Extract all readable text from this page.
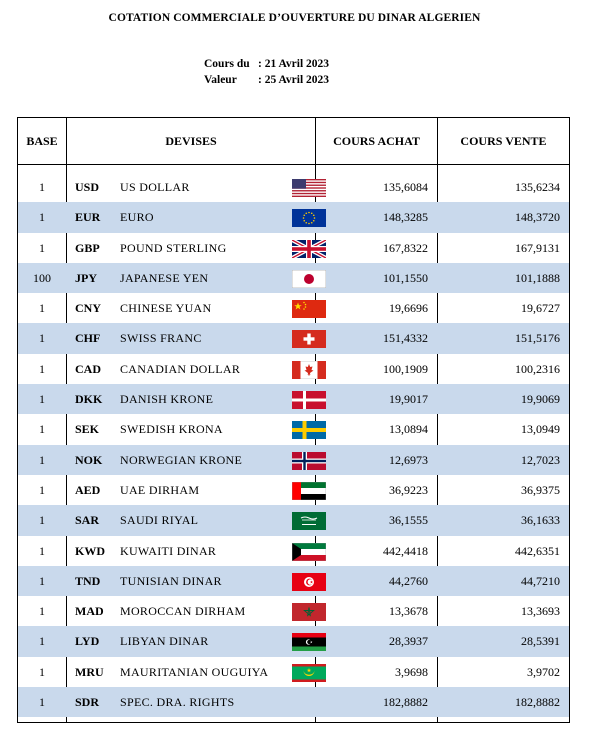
COTATION COMMERCIALE D’OUVERTURE DU DINAR ALGERIEN
Cours du : 21 Avril 2023
Valeur	: 25 Avril 2023
BASE	DEVISES	COURS ACHAT	COURS VENTE
1	USD US DOLLAR	135,6084	135,6234
1	EUR EURO	148,3285	148,3720
1	GBP POUND STERLING	167,8322	167,9131
100	JPY JAPANESE YEN	101,1550	101,1888
1	CNY CHINESE YUAN	19,6696	19,6727
1	CHF SWISS FRANC	151,4332	151,5176
1	CAD CANADIAN DOLLAR	100,1909	100,2316
1	DKK DANISH KRONE	19,9017	19,9069
1	SEK SWEDISH KRONA	13,0894	13,0949
1	NOK NORWEGIAN KRONE	12,6973	12,7023
1	AED UAE DIRHAM	36,9223	36,9375
1	SAR SAUDI RIYAL	36,1555	36,1633
1	KWD KUWAITI DINAR	442,4418	442,6351
1	TND TUNISIAN DINAR	44,2760	44,7210
1	MAD MOROCCAN DIRHAM	13,3678	13,3693
1	LYD LIBYAN DINAR	28,3937	28,5391
1	MRU MAURITANIAN OUGUIYA	3,9698	3,9702
1	SDR SPEC. DRA. RIGHTS	182,8882	182,8882
